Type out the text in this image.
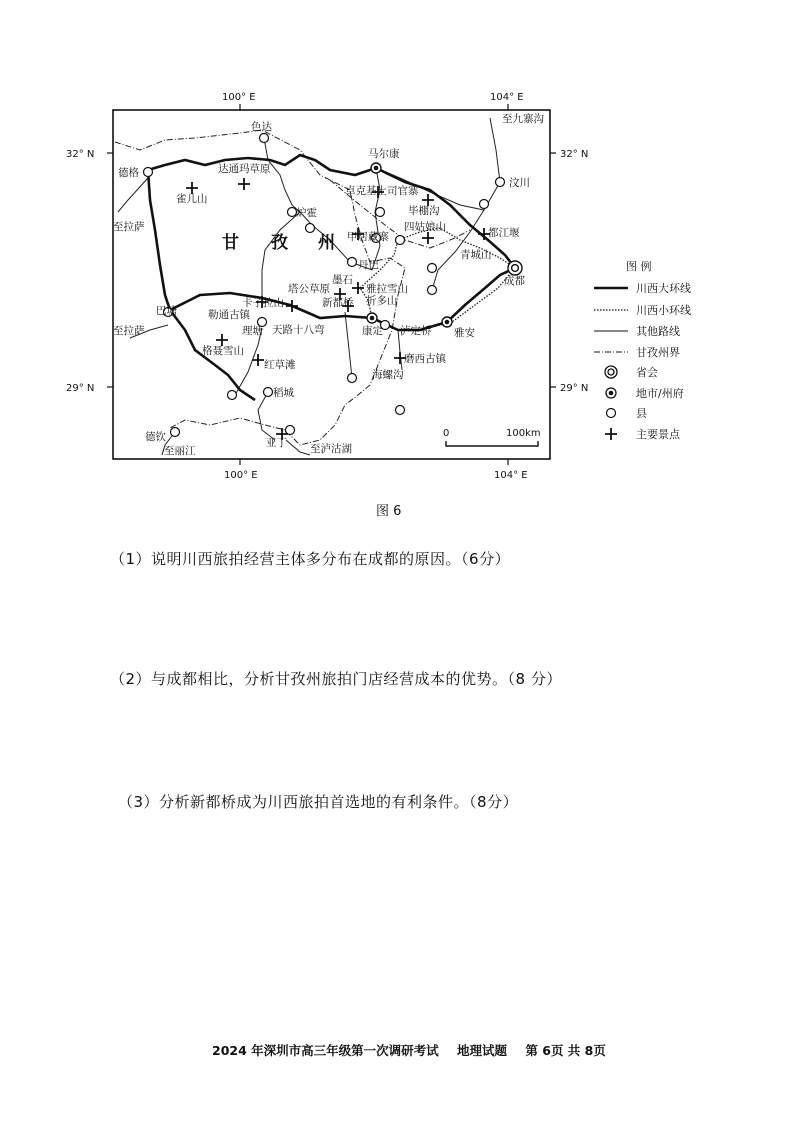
100° E	104° E
100° E	104° E
32° N	32° N
29° N	29° N
甘 孜 州
色达
至九寨沟
马尔康
德格	达通玛草原
雀儿山
卓克基土司官寨
毕棚沟
汶川
炉霍
至拉萨	四姑娘山
甲居藏寨	都江堰
青城山
丹巴
墨石	成都
塔公草原	雅拉雪山
折多山
新都桥
巴塘
卡子拉山
勒通古镇
理塘 天路十八弯	康定 泸定桥 雅安
至拉萨
格聂雪山
红草滩	磨西古镇
海螺沟
稻城
德钦
至丽江
亚丁 至泸沽湖
0	100km
图 例
川西大环线
川西小环线
其他路线
甘孜州界
省会
地市/州府
县
主要景点
图 6
（1）说明川西旅拍经营主体多分布在成都的原因。（6分）
（2）与成都相比，分析甘孜州旅拍门店经营成本的优势。（8 分）
（3）分析新都桥成为川西旅拍首选地的有利条件。（8分）
2024 年深圳市高三年级第一次调研考试 地理试题 第 6页 共 8页
